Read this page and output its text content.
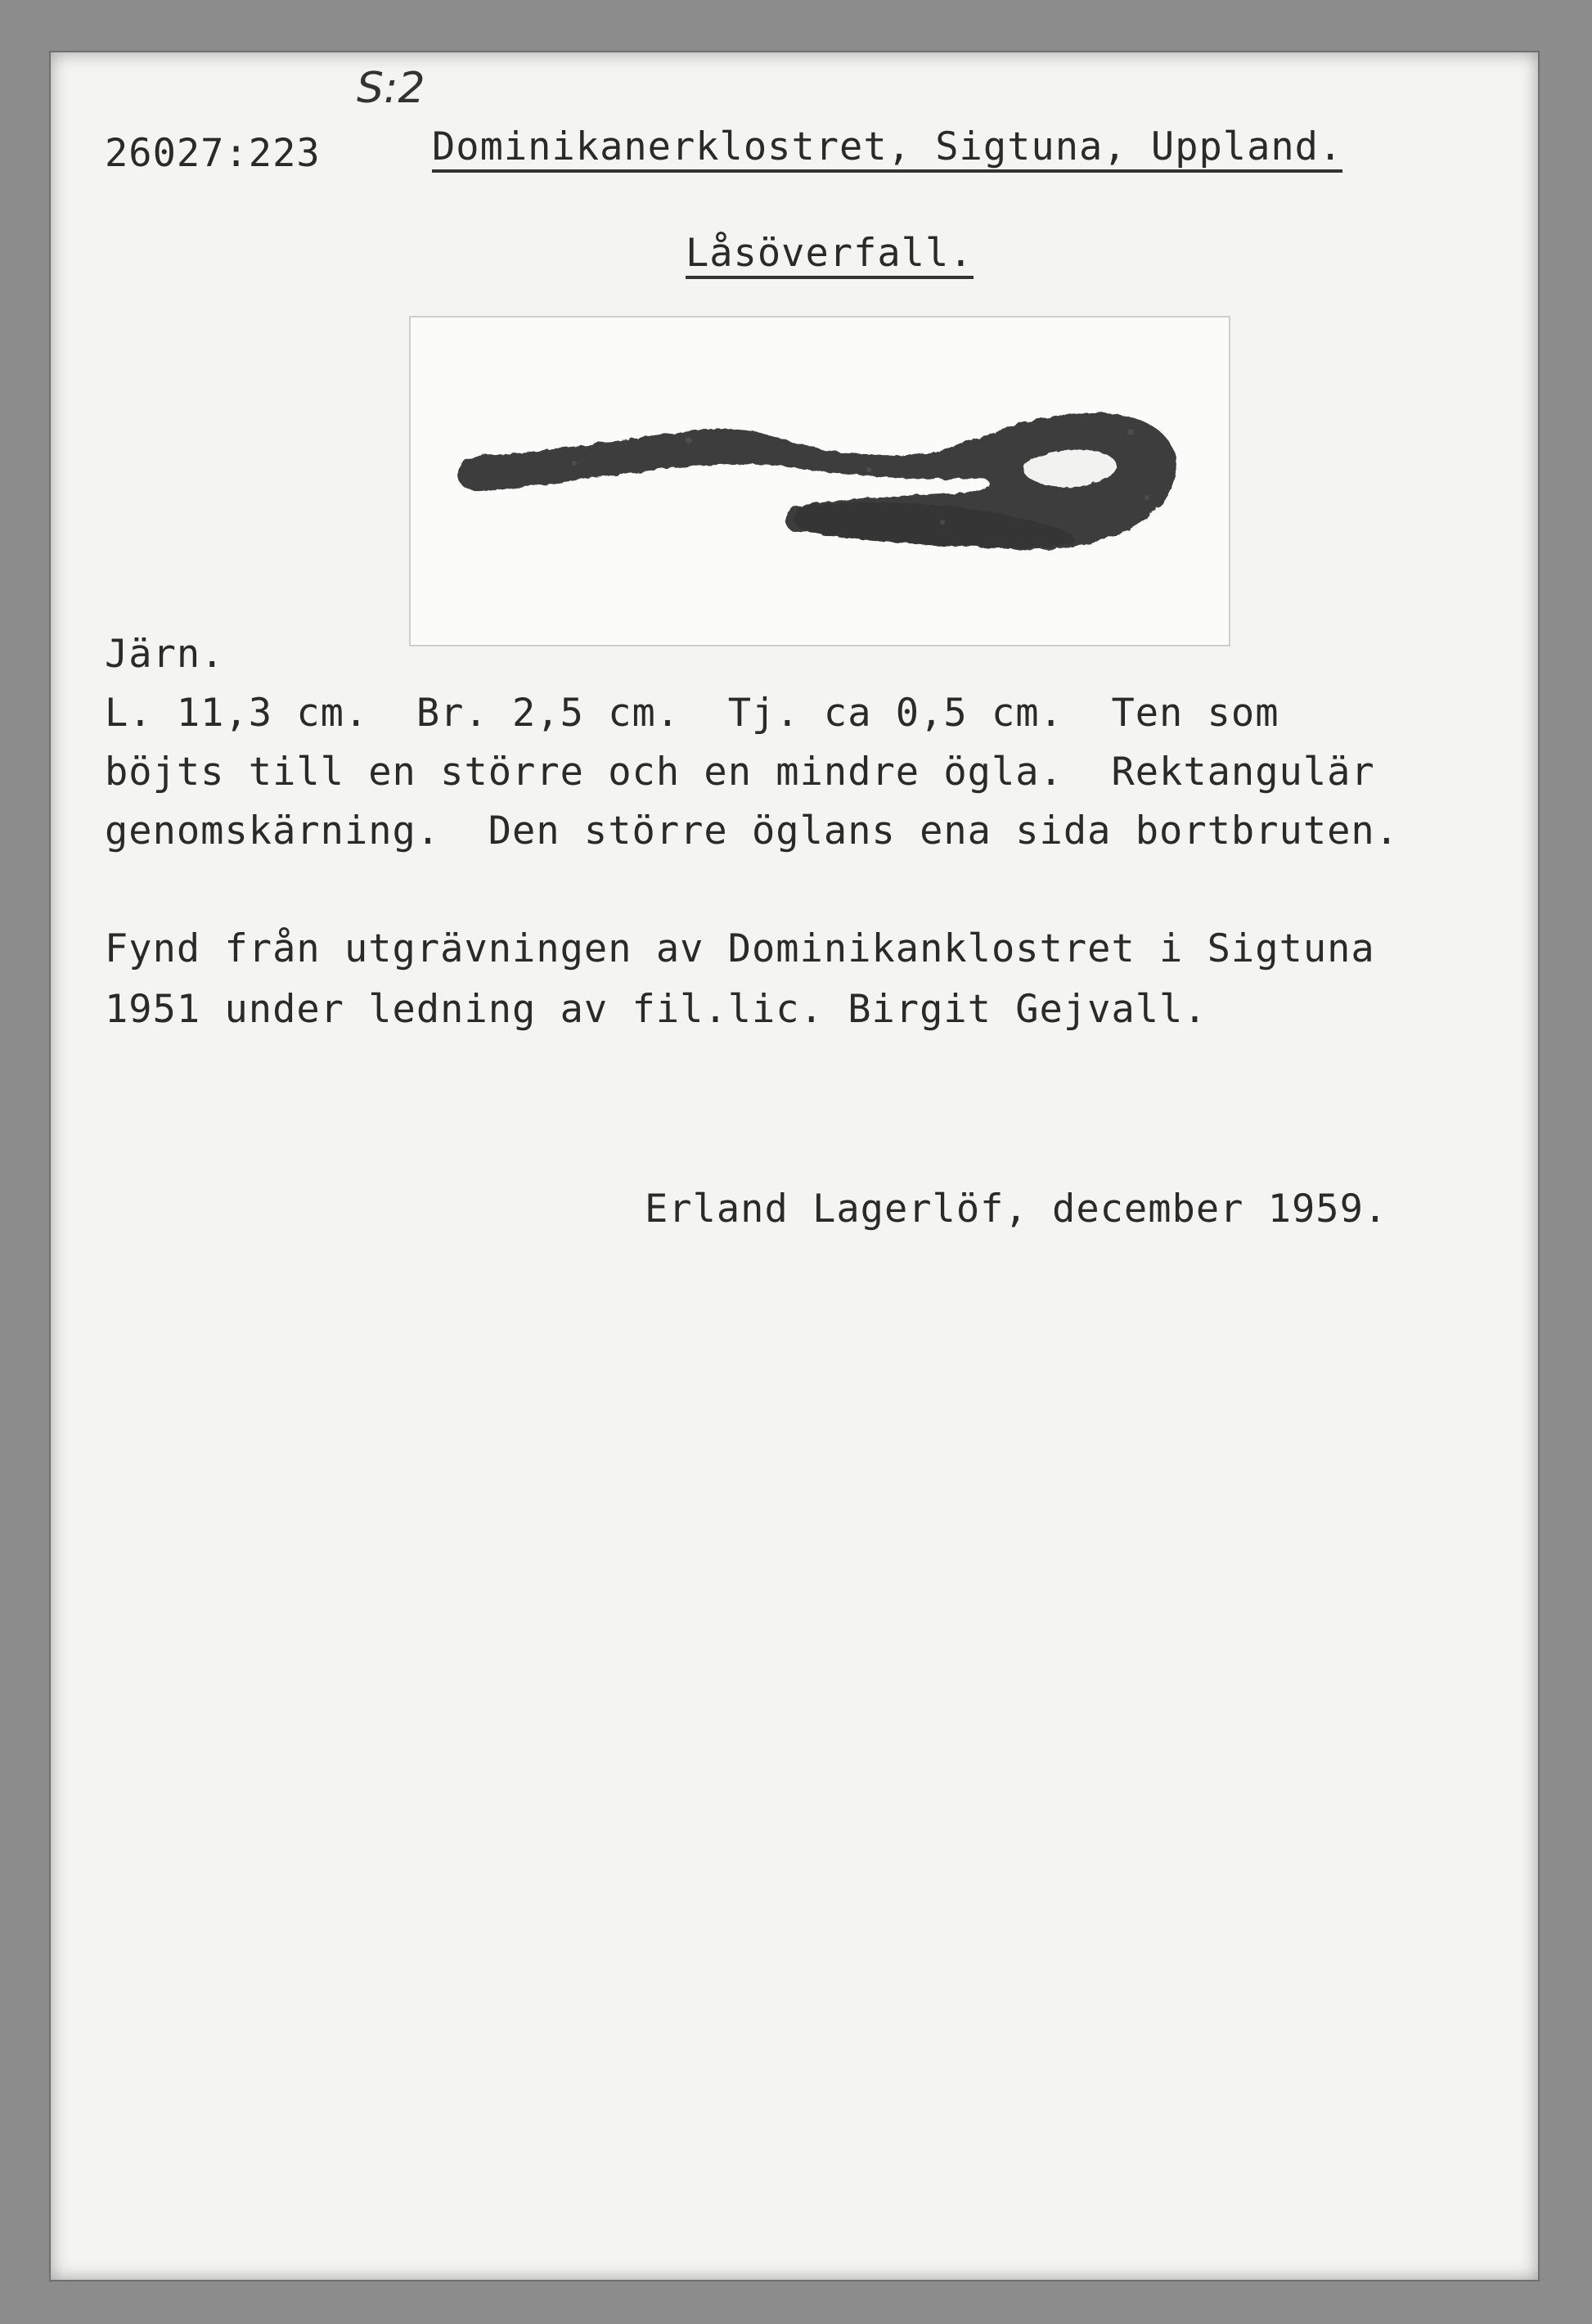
S:2
26027:223	Dominikanerklostret, Sigtuna, Uppland.
Låsöverfall.
Järn.
L. 11,3 cm.  Br. 2,5 cm.  Tj. ca 0,5 cm.  Ten som
böjts till en större och en mindre ögla.  Rektangulär
genomskärning.  Den större öglans ena sida bortbruten.
Fynd från utgrävningen av Dominikanklostret i Sigtuna
1951 under ledning av fil.lic. Birgit Gejvall.
Erland Lagerlöf, december 1959.
